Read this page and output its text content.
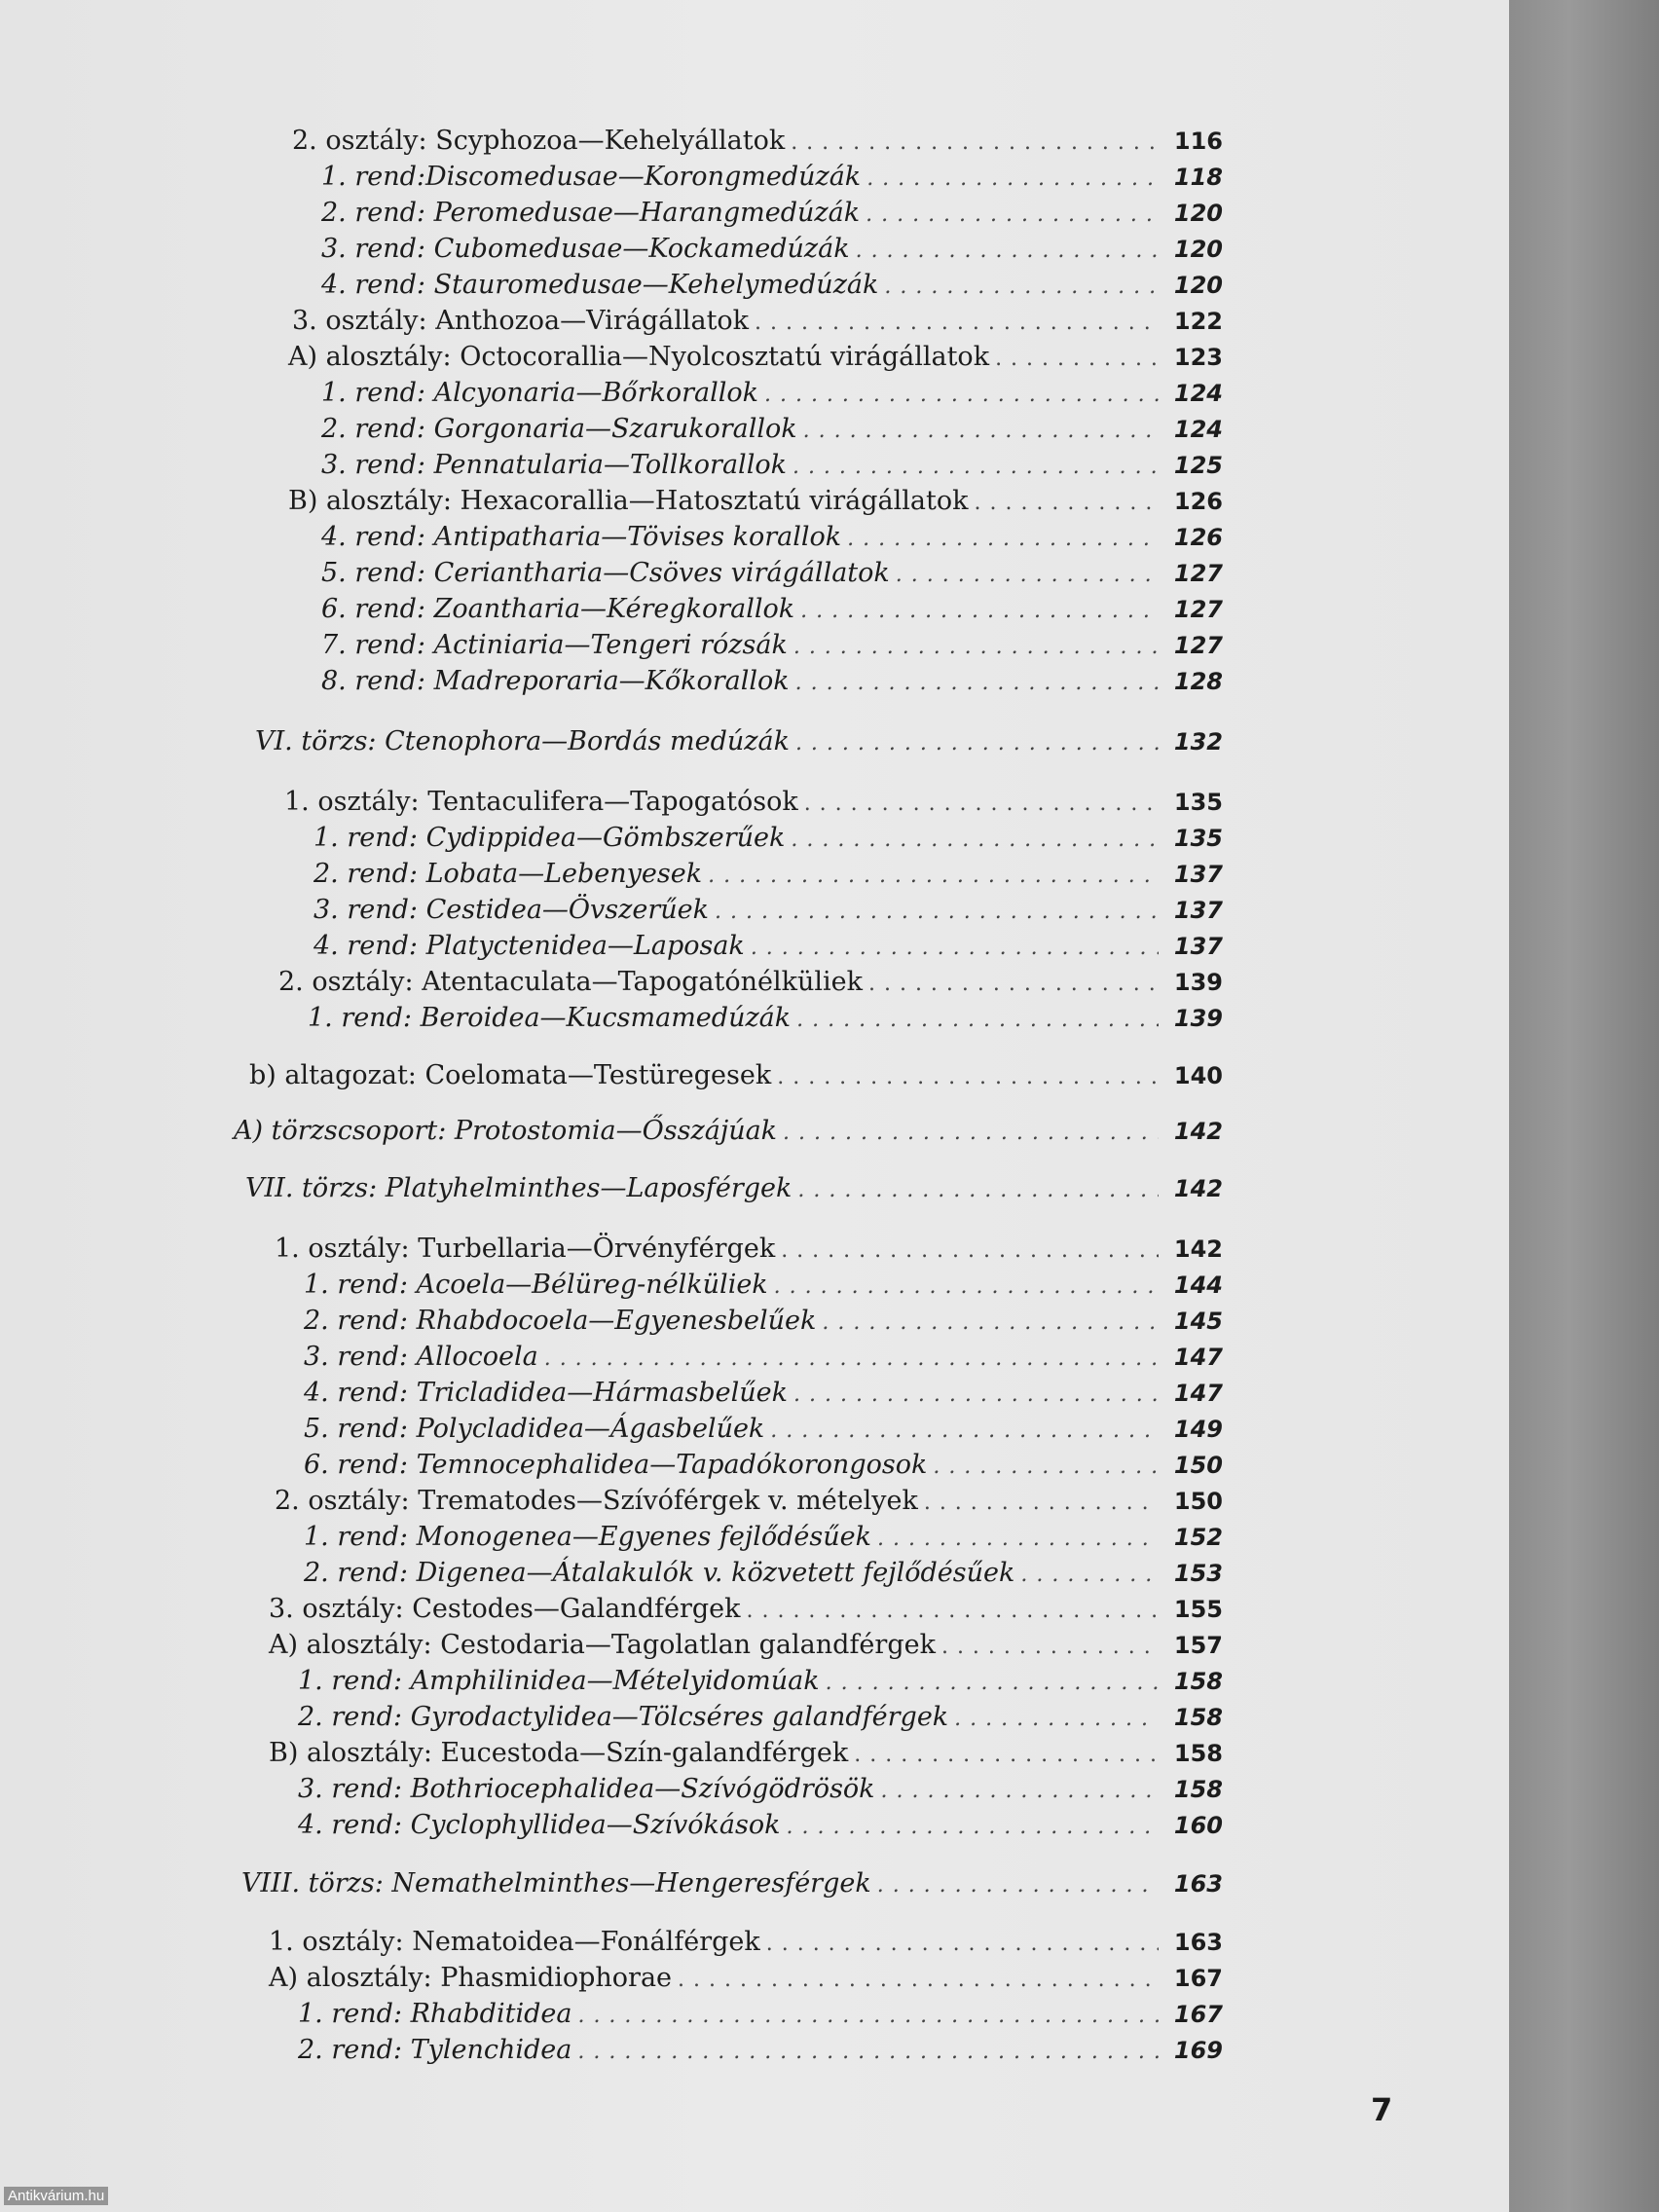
2. osztály: Scyphozoa—Kehelyállatok . . .	116
1. rend:Discomedusae—Korongmedúzák . . .	118
2. rend: Peromedusae—Harangmedúzák . . .	120
3. rend: Cubomedusae—Kockamedúzák . . .	120
4. rend: Stauromedusae—Kehelymedúzák . . .	120
3. osztály: Anthozoa—Virágállatok . . .	122
A) alosztály: Octocorallia—Nyolcosztatú virágállatok . . .	123
1. rend: Alcyonaria—Bőrkorallok . . .	124
2. rend: Gorgonaria—Szarukorallok . . .	124
3. rend: Pennatularia—Tollkorallok . . .	125
B) alosztály: Hexacorallia—Hatosztatú virágállatok . . .	126
4. rend: Antipatharia—Tövises korallok . . .	126
5. rend: Ceriantharia—Csöves virágállatok . . .	127
6. rend: Zoantharia—Kéregkorallok . . .	127
7. rend: Actiniaria—Tengeri rózsák . . .	127
8. rend: Madreporaria—Kőkorallok . . .	128
VI. törzs: Ctenophora—Bordás medúzák . . .	132
1. osztály: Tentaculifera—Tapogatósok . . .	135
1. rend: Cydippidea—Gömbszerűek . . .	135
2. rend: Lobata—Lebenyesek . . .	137
3. rend: Cestidea—Övszerűek . . .	137
4. rend: Platyctenidea—Laposak . . .	137
2. osztály: Atentaculata—Tapogatónélküliek . . .	139
1. rend: Beroidea—Kucsmamedúzák . . .	139
b) altagozat: Coelomata—Testüregesek . . .	140
A) törzscsoport: Protostomia—Ősszájúak . . .	142
VII. törzs: Platyhelminthes—Laposférgek . . .	142
1. osztály: Turbellaria—Örvényférgek . . .	142
1. rend: Acoela—Bélüreg-nélküliek . . .	144
2. rend: Rhabdocoela—Egyenesbelűek . . .	145
3. rend: Allocoela . . .	147
4. rend: Tricladidea—Hármasbelűek . . .	147
5. rend: Polycladidea—Ágasbelűek . . .	149
6. rend: Temnocephalidea—Tapadókorongosok . . .	150
2. osztály: Trematodes—Szívóférgek v. mételyek . . .	150
1. rend: Monogenea—Egyenes fejlődésűek . . .	152
2. rend: Digenea—Átalakulók v. közvetett fejlődésűek . . .	153
3. osztály: Cestodes—Galandférgek . . .	155
A) alosztály: Cestodaria—Tagolatlan galandférgek . . .	157
1. rend: Amphilinidea—Mételyidomúak . . .	158
2. rend: Gyrodactylidea—Tölcséres galandférgek . . .	158
B) alosztály: Eucestoda—Szín-galandférgek . . .	158
3. rend: Bothriocephalidea—Szívógödrösök . . .	158
4. rend: Cyclophyllidea—Szívókások . . .	160
VIII. törzs: Nemathelminthes—Hengeresférgek . . .	163
1. osztály: Nematoidea—Fonálférgek . . .	163
A) alosztály: Phasmidiophorae . . .	167
1. rend: Rhabditidea . . .	167
2. rend: Tylenchidea . . .	169
7
Antikvárium.hu
